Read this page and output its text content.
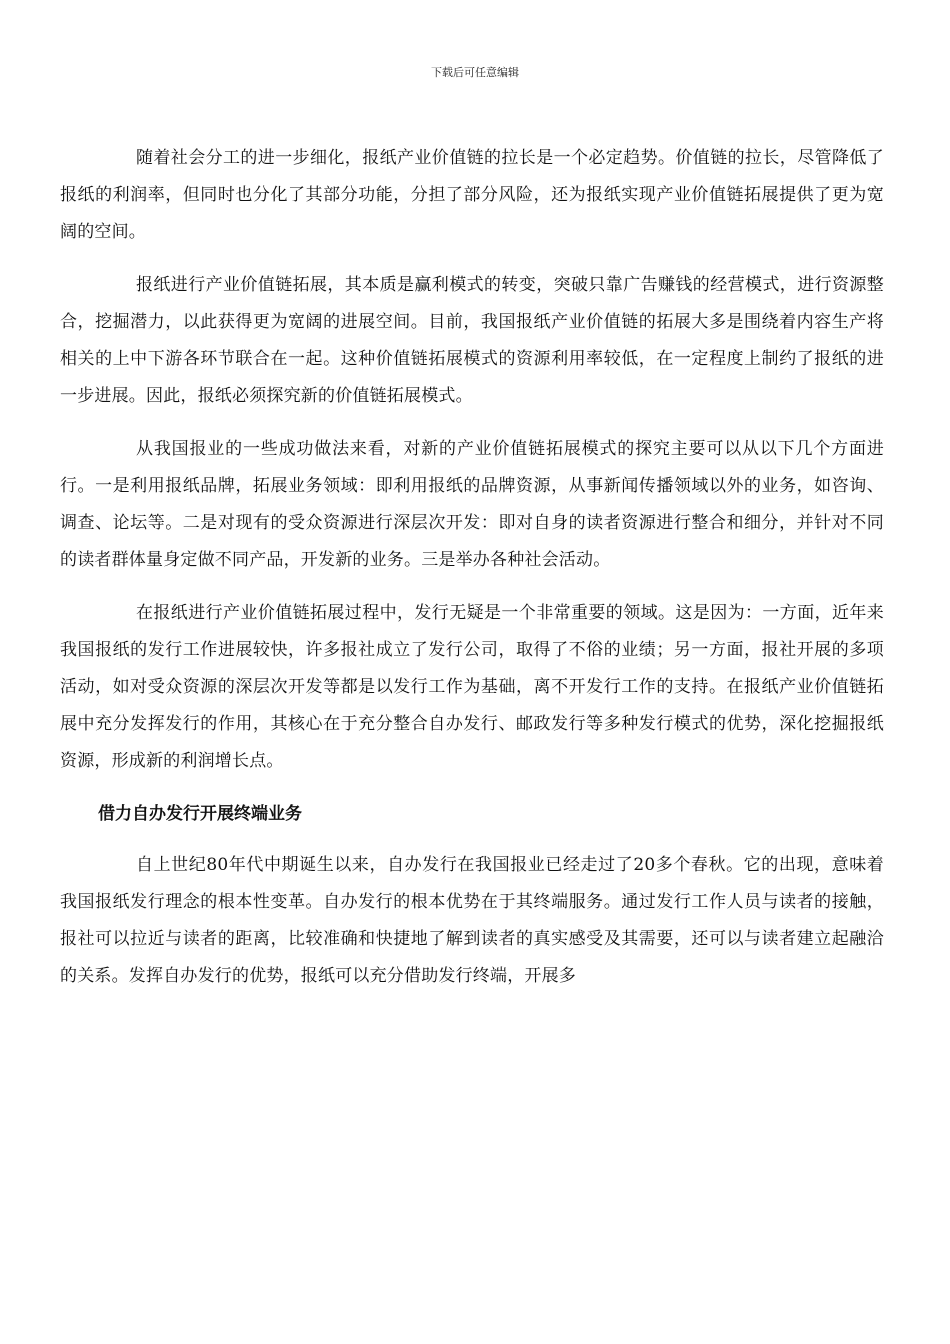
下载后可任意编辑

随着社会分工的进一步细化，报纸产业价值链的拉长是一个必定趋势。价值链的拉长，尽管降低了报纸的利润率，但同时也分化了其部分功能，分担了部分风险，还为报纸实现产业价值链拓展提供了更为宽阔的空间。

报纸进行产业价值链拓展，其本质是赢利模式的转变，突破只靠广告赚钱的经营模式，进行资源整合，挖掘潜力，以此获得更为宽阔的进展空间。目前，我国报纸产业价值链的拓展大多是围绕着内容生产将相关的上中下游各环节联合在一起。这种价值链拓展模式的资源利用率较低，在一定程度上制约了报纸的进一步进展。因此，报纸必须探究新的价值链拓展模式。

从我国报业的一些成功做法来看，对新的产业价值链拓展模式的探究主要可以从以下几个方面进行。一是利用报纸品牌，拓展业务领域：即利用报纸的品牌资源，从事新闻传播领域以外的业务，如咨询、调查、论坛等。二是对现有的受众资源进行深层次开发：即对自身的读者资源进行整合和细分，并针对不同的读者群体量身定做不同产品，开发新的业务。三是举办各种社会活动。

在报纸进行产业价值链拓展过程中，发行无疑是一个非常重要的领域。这是因为：一方面，近年来我国报纸的发行工作进展较快，许多报社成立了发行公司，取得了不俗的业绩；另一方面，报社开展的多项活动，如对受众资源的深层次开发等都是以发行工作为基础，离不开发行工作的支持。在报纸产业价值链拓展中充分发挥发行的作用，其核心在于充分整合自办发行、邮政发行等多种发行模式的优势，深化挖掘报纸资源，形成新的利润增长点。

借力自办发行开展终端业务

自上世纪80年代中期诞生以来，自办发行在我国报业已经走过了20多个春秋。它的出现，意味着我国报纸发行理念的根本性变革。自办发行的根本优势在于其终端服务。通过发行工作人员与读者的接触，报社可以拉近与读者的距离，比较准确和快捷地了解到读者的真实感受及其需要，还可以与读者建立起融洽的关系。发挥自办发行的优势，报纸可以充分借助发行终端，开展多
